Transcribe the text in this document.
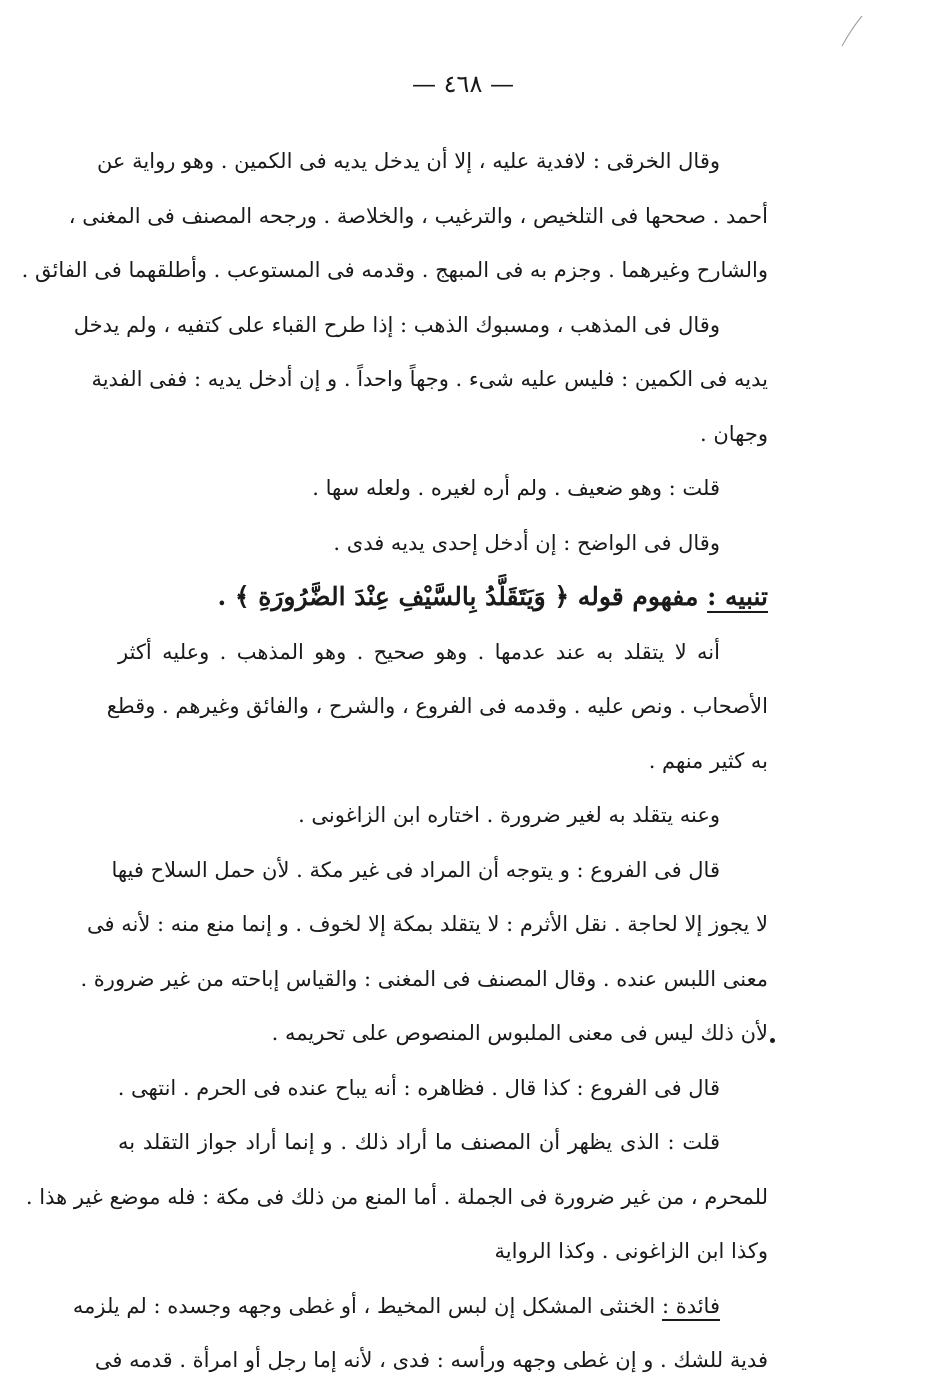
— ٤٦٨ —
وقال الخرقى : لافدية عليه ، إلا أن يدخل يديه فى الكمين . وهو رواية عن
أحمد . صححها فى التلخيص ، والترغيب ، والخلاصة . ورجحه المصنف فى المغنى ،
والشارح وغيرهما . وجزم به فى المبهج . وقدمه فى المستوعب . وأطلقهما فى الفائق .
وقال فى المذهب ، ومسبوك الذهب : إذا طرح القباء على كتفيه ، ولم يدخل
يديه فى الكمين : فليس عليه شىء . وجهاً واحداً . و إن أدخل يديه : ففى الفدية
وجهان .
قلت : وهو ضعيف . ولم أره لغيره . ولعله سها .
وقال فى الواضح : إن أدخل إحدى يديه فدى .
تنبيه : مفهوم قوله ﴿ وَيَتَقَلَّدُ بِالسَّيْفِ عِنْدَ الضَّرُورَةِ ﴾ .
أنه لا يتقلد به عند عدمها . وهو صحيح . وهو المذهب . وعليه أكثر
الأصحاب . ونص عليه . وقدمه فى الفروع ، والشرح ، والفائق وغيرهم . وقطع
به كثير منهم .
وعنه يتقلد به لغير ضرورة . اختاره ابن الزاغونى .
قال فى الفروع : و يتوجه أن المراد فى غير مكة . لأن حمل السلاح فيها
لا يجوز إلا لحاجة . نقل الأثرم : لا يتقلد بمكة إلا لخوف . و إنما منع منه : لأنه فى
معنى اللبس عنده . وقال المصنف فى المغنى : والقياس إباحته من غير ضرورة .
لأن ذلك ليس فى معنى الملبوس المنصوص على تحريمه .
قال فى الفروع : كذا قال . فظاهره : أنه يباح عنده فى الحرم . انتهى .
قلت : الذى يظهر أن المصنف ما أراد ذلك . و إنما أراد جواز التقلد به
للمحرم ، من غير ضرورة فى الجملة . أما المنع من ذلك فى مكة : فله موضع غير هذا .
وكذا ابن الزاغونى . وكذا الرواية
فائدة : الخنثى المشكل إن لبس المخيط ، أو غطى وجهه وجسده : لم يلزمه
فدية للشك . و إن غطى وجهه ورأسه : فدى ، لأنه إما رجل أو امرأة . قدمه فى
